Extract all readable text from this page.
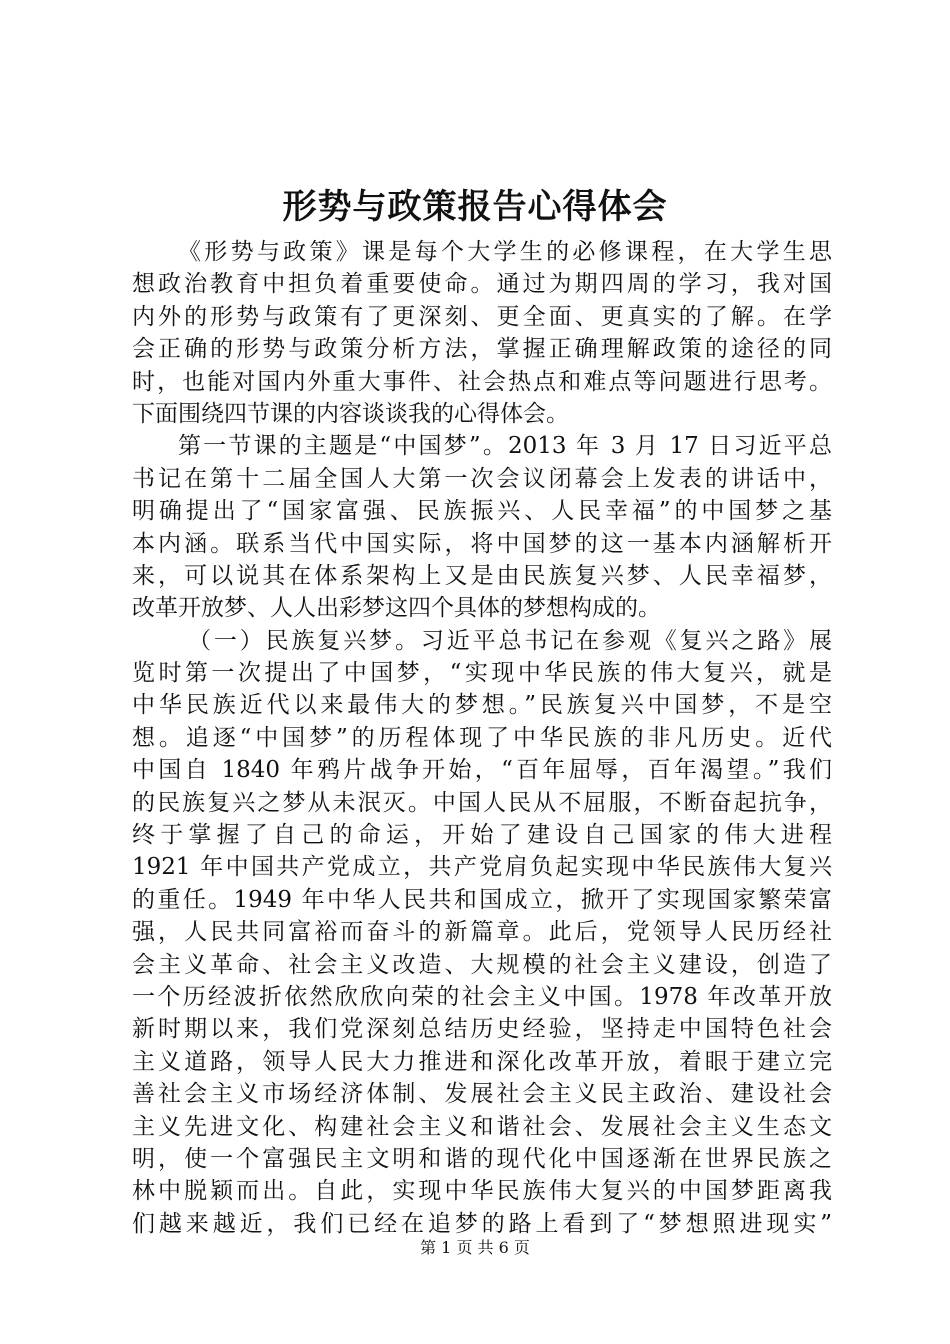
形势与政策报告心得体会
《形势与政策》课是每个大学生的必修课程，在大学生思
想政治教育中担负着重要使命。通过为期四周的学习，我对国
内外的形势与政策有了更深刻、更全面、更真实的了解。在学
会正确的形势与政策分析方法，掌握正确理解政策的途径的同
时，也能对国内外重大事件、社会热点和难点等问题进行思考。
下面围绕四节课的内容谈谈我的心得体会。
第一节课的主题是“中国梦”。2013 年 3 月 17 日习近平总
书记在第十二届全国人大第一次会议闭幕会上发表的讲话中，
明确提出了“国家富强、民族振兴、人民幸福”的中国梦之基
本内涵。联系当代中国实际，将中国梦的这一基本内涵解析开
来，可以说其在体系架构上又是由民族复兴梦、人民幸福梦，
改革开放梦、人人出彩梦这四个具体的梦想构成的。
（一）民族复兴梦。习近平总书记在参观《复兴之路》展
览时第一次提出了中国梦，“实现中华民族的伟大复兴，就是
中华民族近代以来最伟大的梦想。”民族复兴中国梦，不是空
想。追逐“中国梦”的历程体现了中华民族的非凡历史。近代
中国自 1840 年鸦片战争开始，“百年屈辱，百年渴望。”我们
的民族复兴之梦从未泯灭。中国人民从不屈服，不断奋起抗争，
终于掌握了自己的命运，开始了建设自己国家的伟大进程
1921 年中国共产党成立，共产党肩负起实现中华民族伟大复兴
的重任。1949 年中华人民共和国成立，掀开了实现国家繁荣富
强，人民共同富裕而奋斗的新篇章。此后，党领导人民历经社
会主义革命、社会主义改造、大规模的社会主义建设，创造了
一个历经波折依然欣欣向荣的社会主义中国。1978 年改革开放
新时期以来，我们党深刻总结历史经验，坚持走中国特色社会
主义道路，领导人民大力推进和深化改革开放，着眼于建立完
善社会主义市场经济体制、发展社会主义民主政治、建设社会
主义先进文化、构建社会主义和谐社会、发展社会主义生态文
明，使一个富强民主文明和谐的现代化中国逐渐在世界民族之
林中脱颖而出。自此，实现中华民族伟大复兴的中国梦距离我
们越来越近，我们已经在追梦的路上看到了“梦想照进现实”
第 1 页 共 6 页
